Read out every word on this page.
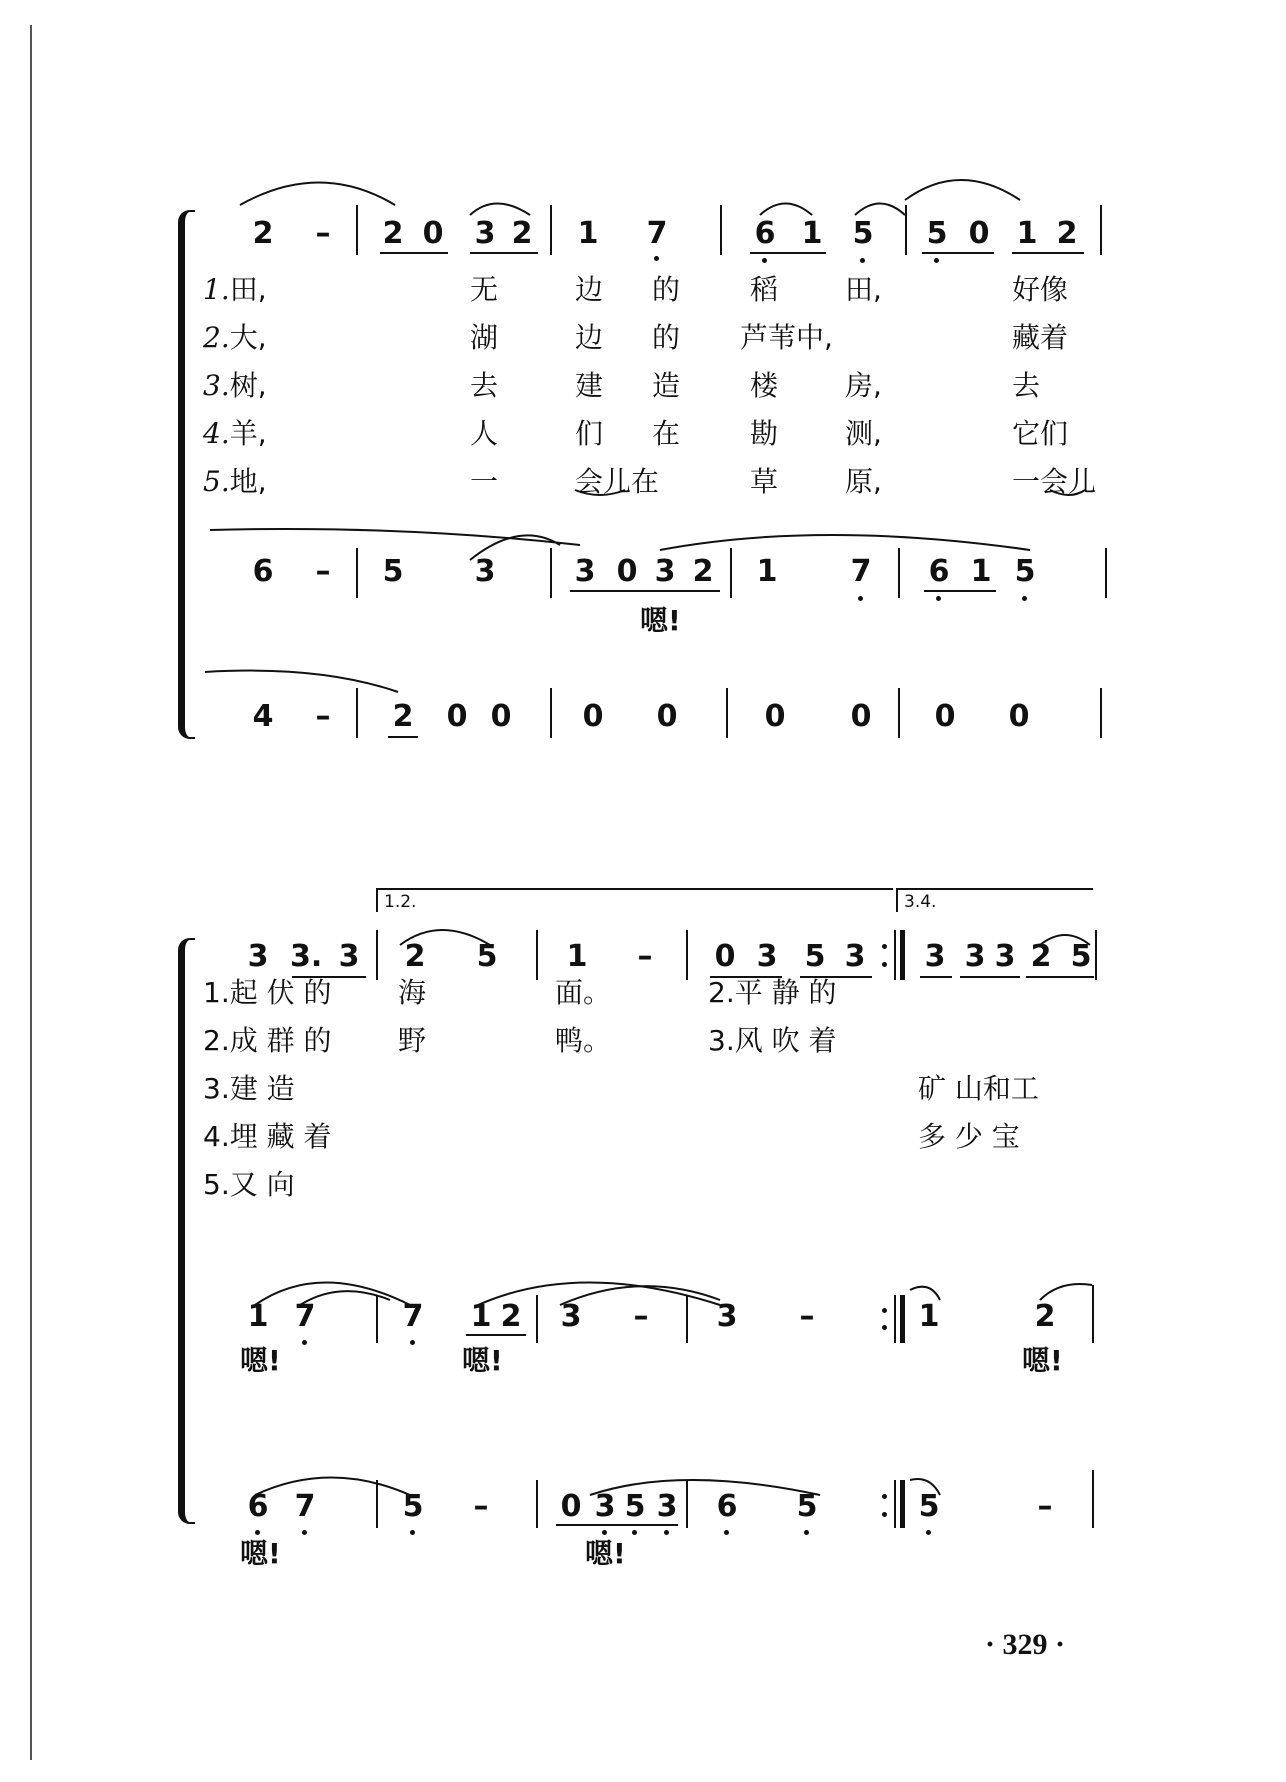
2 – 2 0 3 2 1 7	6 1 5 5 0 1 2
1.田,	无	边 的 稻 田,	好像
2.大,	湖	边 的 芦苇中,	藏着
3.树,	去	建 造 楼 房,	去
4.羊,	人	们 在 勘 测,	它们
5.地,	一	会儿在	草 原,	一会儿
6 – 5 3	3 0 3 2 1 7 6 1 5
嗯!
4 – 2 0 0 0 0	0 0 0 0
1.2.	3.4.
3 3. 3 2 5 1 – 0 3 5 3 3 3 3 2 5
1.起 伏 的 海	面。	2.平 静 的
2.成 群 的 野	鸭。	3.风 吹 着
3.建 造	矿 山和工
4.埋 藏 着	多 少 宝
5.又 向
1 7	7 1 2 3 – 3 –	1	2
嗯!	嗯!	嗯!
6 7	5 – 0 3 5 3 6 5	5	–
嗯!	嗯!
· 329 ·
